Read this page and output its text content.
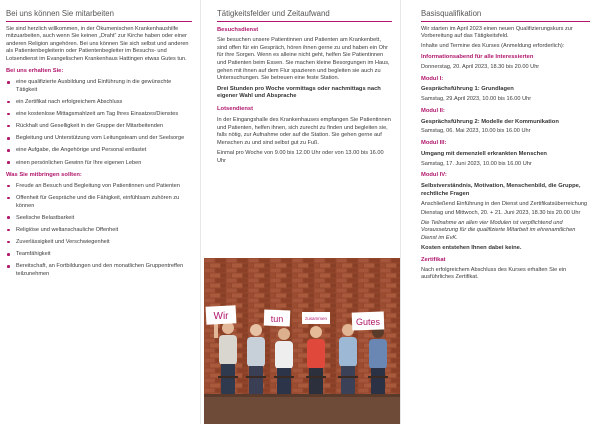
Bei uns können Sie mitarbeiten

Sie sind herzlich willkommen, in der Ökumenischen Krankenhaushilfe mitzuarbeiten, auch wenn Sie keinen „Draht“ zur Kirche haben oder einer anderen Religion angehören. Bei uns können Sie sich selbst und anderen als Patientenbegleiterin oder Patientenbegleiter im Besuchs- und Lotsendienst im Evangelischen Krankenhaus Hattingen etwas Gutes tun.

Bei uns erhalten Sie:
eine qualifizierte Ausbildung und Einführung in die gewünschte Tätigkeit
ein Zertifikat nach erfolgreichem Abschluss
eine kostenlose Mittagsmahlzeit am Tag Ihres Einsatzes/Dienstes
Rückhalt und Geselligkeit in der Gruppe der Mitarbeitenden
Begleitung und Unterstützung vom Leitungsteam und der Seelsorge
eine Aufgabe, die Angehörige und Personal entlastet
einen persönlichen Gewinn für Ihre eigenen Leben
Was Sie mitbringen sollten:
Freude an Besuch und Begleitung von Patientinnen und Patienten
Offenheit für Gespräche und die Fähigkeit, einfühlsam zuhören zu können
Seelische Belastbarkeit
Religiöse und weltanschauliche Offenheit
Zuverlässigkeit und Verschwiegenheit
Teamfähigkeit
Bereitschaft, an Fortbildungen und den monatlichen Gruppentreffen teilzunehmen
Tätigkeitsfelder und Zeitaufwand
Besuchsdienst

Sie besuchen unsere Patientinnen und Patienten am Krankenbett, sind offen für ein Gespräch, hören ihnen gerne zu und haben ein Ohr für ihre Sorgen. Wenn es alleine nicht geht, helfen Sie Patientinnen und Patienten beim Essen. Sie machen kleine Besorgungen im Haus, gehen mit ihnen auf dem Flur spazieren und begleiten sie auch zu Untersuchungen. Sie betreuen eine feste Station.

Drei Stunden pro Woche vormittags oder nachmittags nach eigener Wahl und Absprache
Lotsendienst

In der Eingangshalle des Krankenhauses empfangen Sie Patientinnen und Patienten, helfen ihnen, sich zurecht zu finden und begleiten sie, falls nötig, zur Aufnahme oder auf die Station. Sie gehen gerne auf Menschen zu und sind selbst gut zu Fuß.

Einmal pro Woche von 9.00 bis 12.00 Uhr oder von 13.00 bis 16.00 Uhr

Wir	tun	zusammen	Gutes
Basisqualifikation

Wir starten im April 2023 einen neuen Qualifizierungskurs zur Vorbereitung auf das Tätigkeitsfeld.

Inhalte und Termine des Kurses (Anmeldung erforderlich):

Informationsabend für alle Interessierten

Donnerstag, 20. April 2023, 18.30 bis 20.00 Uhr

Modul I:
Gesprächsführung 1: Grundlagen

Samstag, 29.April 2023, 10.00 bis 16.00 Uhr

Modul II:
Gesprächsführung 2: Modelle der Kommunikation

Samstag, 06. Mai 2023, 10.00 bis 16.00 Uhr

Modul III:
Umgang mit demenziell erkrankten Menschen

Samstag, 17. Juni 2023, 10.00 bis 16.00 Uhr

Modul IV:
Selbstverständnis, Motivation, Menschenbild, die Gruppe, rechtliche Fragen

Anschließend Einführung in den Dienst und Zertifikatsüberreichung

Dienstag und Mittwoch, 20. + 21. Juni 2023, 18.30 bis 20.00 Uhr

Die Teilnahme an allen vier Modulen ist verpflichtend und Voraussetzung für die qualifizierte Mitarbeit im ehrenamtlichen Dienst im EvK.

Kosten entstehen Ihnen dabei keine.
Zertifikat

Nach erfolgreichem Abschluss des Kurses erhalten Sie ein ausführliches Zertifikat.
